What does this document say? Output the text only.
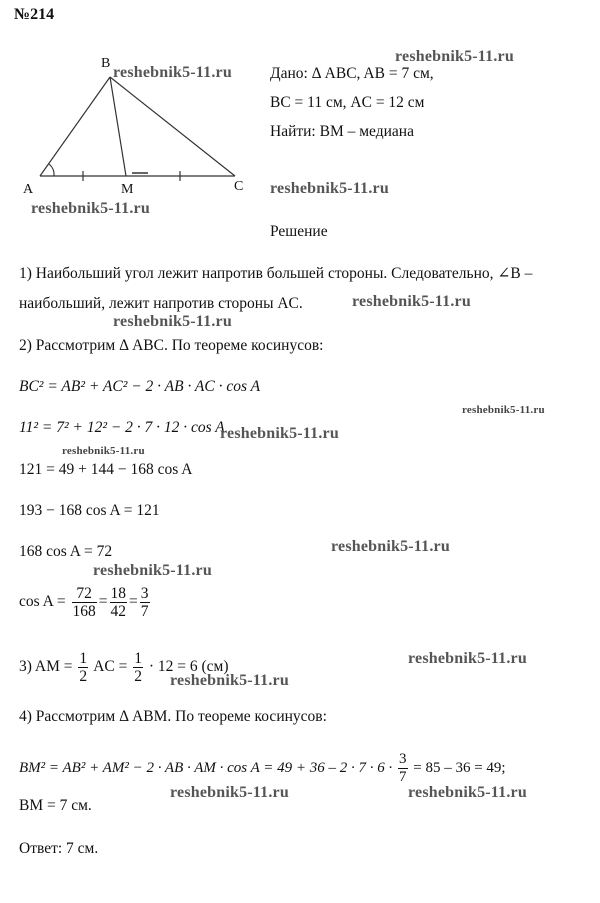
№214
B
A	M	C
Дано: Δ ABC, AB = 7 см,
BC = 11 см, AC = 12 см
Найти: BM – медиана
Решение
1) Наибольший угол лежит напротив большей стороны. Следовательно, ∠B –
наибольший, лежит напротив стороны AC.
2) Рассмотрим Δ ABC. По теореме косинусов:
BC² = AB² + AC² − 2 · AB · AC · cos A
11² = 7² + 12² − 2 · 7 · 12 · cos A
121 = 49 + 144 − 168 cos A
193 − 168 cos A = 121
168 cos A = 72
$\cos A = \frac{72}{168} = \frac{18}{42} = \frac{3}{7}$
3) AM = $\frac{1}{2}$ AC = $\frac{1}{2} \cdot 12 = 6$ (см)
4) Рассмотрим Δ ABM. По теореме косинусов:
BM² = AB² + AM² − 2 · AB · AM · $\cos A = 49 + 36 - 2 \cdot 7 \cdot 6 \cdot \frac{3}{7} = 85 - 36 = 49$;
BM = 7 см.
Ответ: 7 см.
reshebnik5-11.ru
reshebnik5-11.ru
reshebnik5-11.ru
reshebnik5-11.ru
reshebnik5-11.ru
reshebnik5-11.ru
reshebnik5-11.ru
reshebnik5-11.ru
reshebnik5-11.ru
reshebnik5-11.ru
reshebnik5-11.ru
reshebnik5-11.ru
reshebnik5-11.ru
reshebnik5-11.ru	reshebnik5-11.ru
